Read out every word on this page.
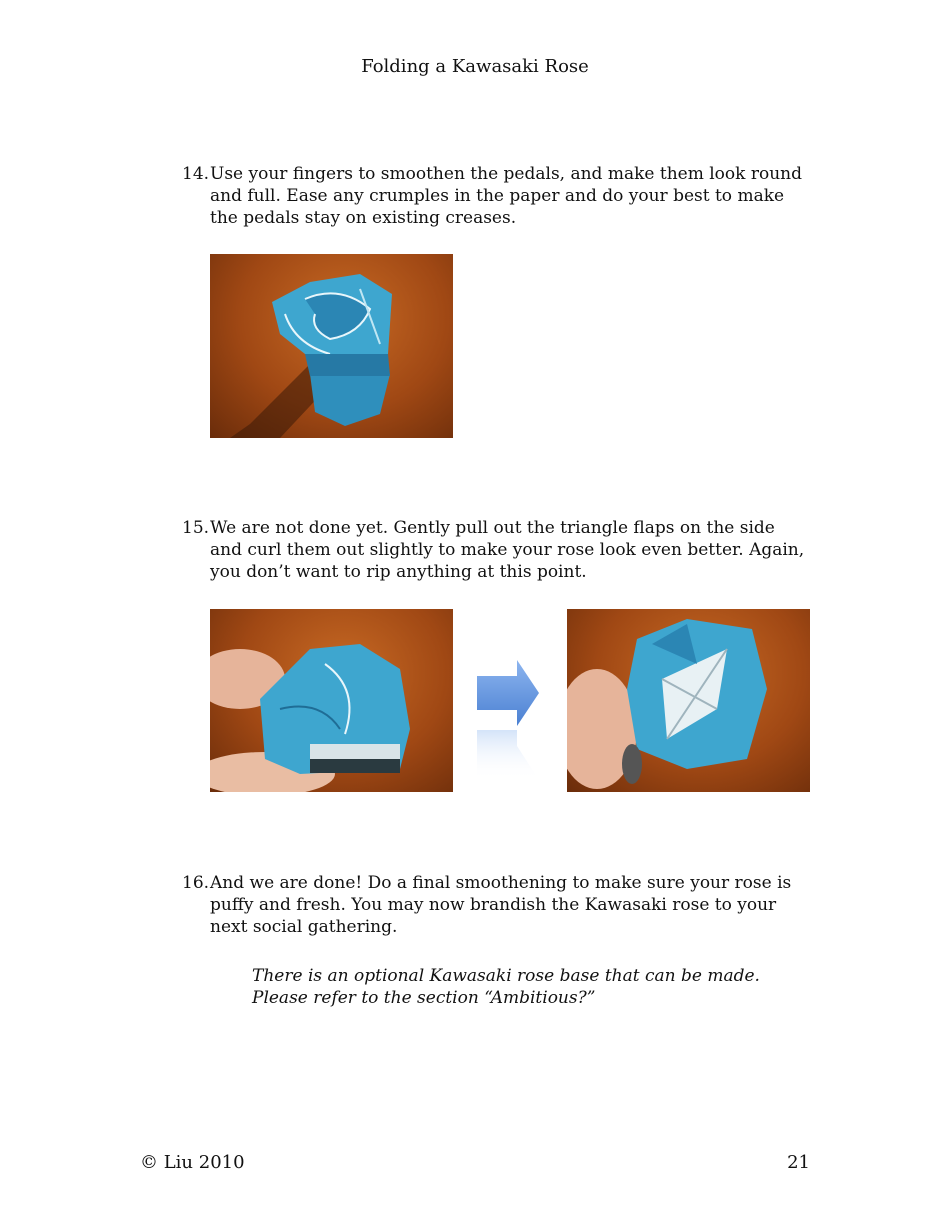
Folding a Kawasaki Rose
14. Use your fingers to smoothen the pedals, and make them look round and full. Ease any crumples in the paper and do your best to make the pedals stay on existing creases.
15. We are not done yet. Gently pull out the triangle flaps on the side and curl them out slightly to make your rose look even better. Again, you don’t want to rip anything at this point.
16. And we are done! Do a final smoothening to make sure your rose is puffy and fresh. You may now brandish the Kawasaki rose to your next social gathering.
There is an optional Kawasaki rose base that can be made. Please refer to the section “Ambitious?”
© Liu 2010	21
